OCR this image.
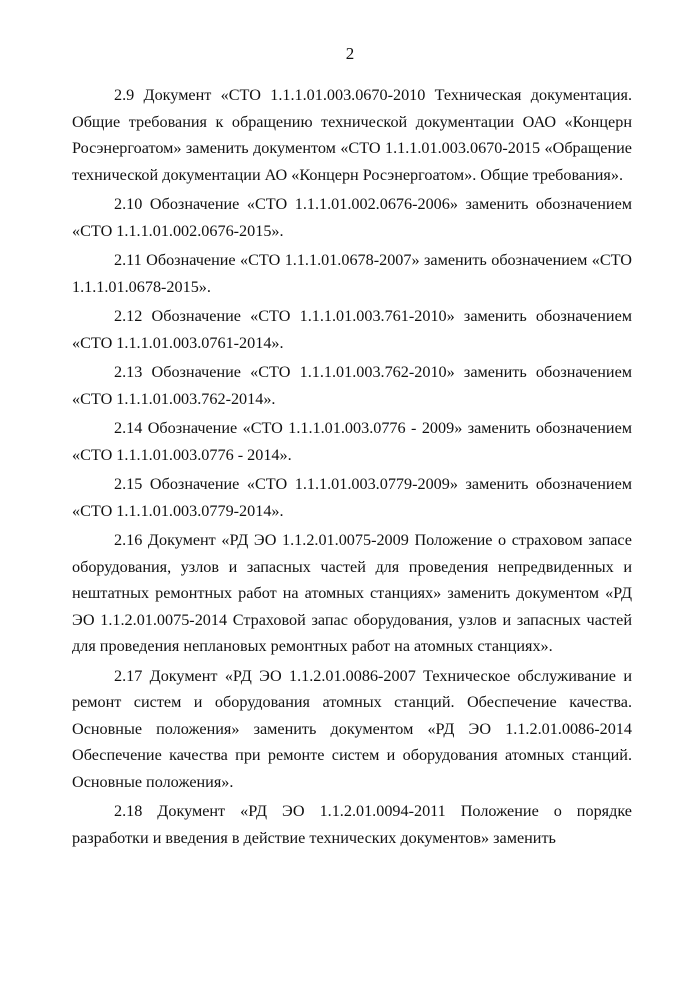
2

2.9 Документ «СТО 1.1.1.01.003.0670-2010 Техническая документация. Общие требования к обращению технической документации ОАО «Концерн Росэнергоатом» заменить документом «СТО 1.1.1.01.003.0670-2015 «Обращение технической документации АО «Концерн Росэнергоатом». Общие требования».

2.10 Обозначение «СТО 1.1.1.01.002.0676-2006» заменить обозначением «СТО 1.1.1.01.002.0676-2015».

2.11 Обозначение «СТО 1.1.1.01.0678-2007» заменить обозначением «СТО 1.1.1.01.0678-2015».

2.12 Обозначение «СТО 1.1.1.01.003.761-2010» заменить обозначением «СТО 1.1.1.01.003.0761-2014».

2.13 Обозначение «СТО 1.1.1.01.003.762-2010» заменить обозначением «СТО 1.1.1.01.003.762-2014».

2.14 Обозначение «СТО 1.1.1.01.003.0776 - 2009» заменить обозначением «СТО 1.1.1.01.003.0776 - 2014».

2.15 Обозначение «СТО 1.1.1.01.003.0779-2009» заменить обозначением «СТО 1.1.1.01.003.0779-2014».

2.16 Документ «РД ЭО 1.1.2.01.0075-2009 Положение о страховом запасе оборудования, узлов и запасных частей для проведения непредвиденных и нештатных ремонтных работ на атомных станциях» заменить документом «РД ЭО 1.1.2.01.0075-2014 Страховой запас оборудования, узлов и запасных частей для проведения неплановых ремонтных работ на атомных станциях».

2.17 Документ «РД ЭО 1.1.2.01.0086-2007 Техническое обслуживание и ремонт систем и оборудования атомных станций. Обеспечение качества. Основные положения» заменить документом «РД ЭО 1.1.2.01.0086-2014 Обеспечение качества при ремонте систем и оборудования атомных станций. Основные положения».

2.18 Документ «РД ЭО 1.1.2.01.0094-2011 Положение о порядке разработки и введения в действие технических документов» заменить
